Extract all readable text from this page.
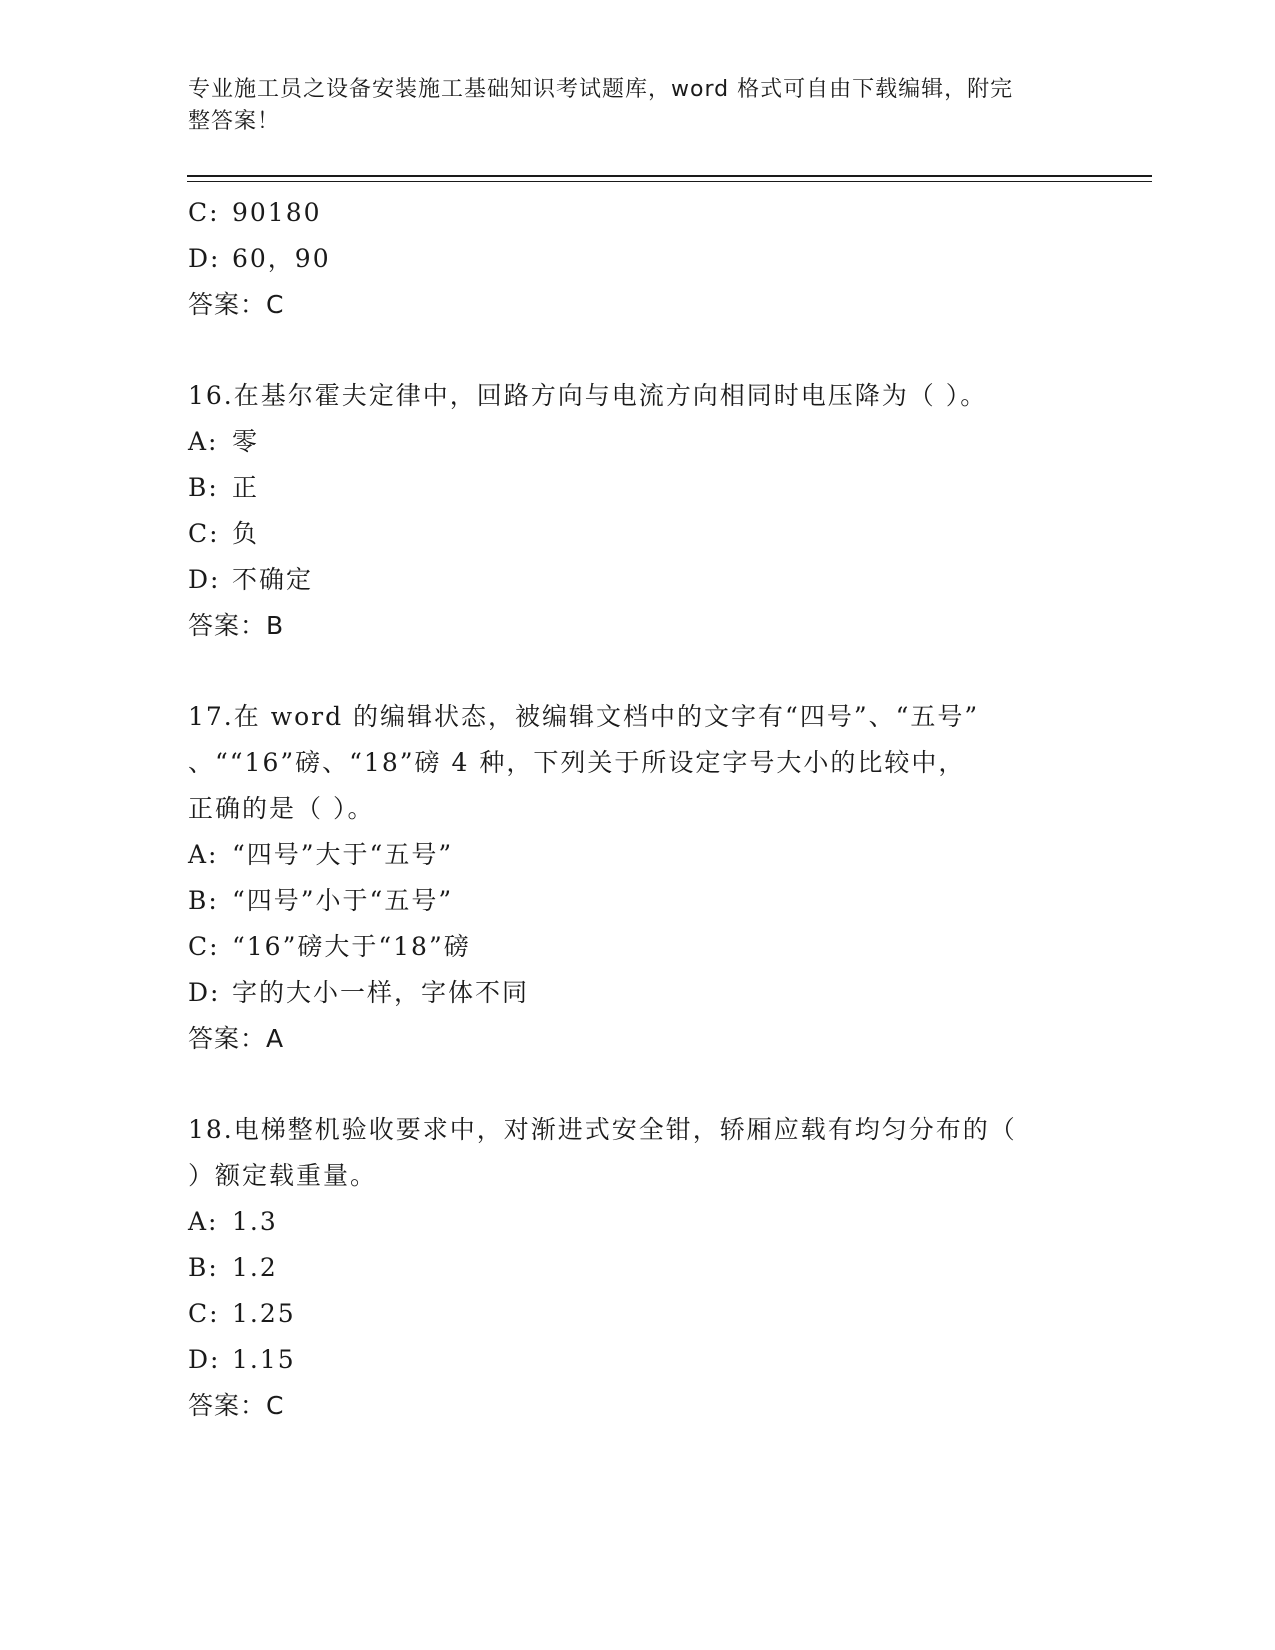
专业施工员之设备安装施工基础知识考试题库，word 格式可自由下载编辑，附完
整答案！
C: 90180
D: 60，90
答案：C
16.在基尔霍夫定律中，回路方向与电流方向相同时电压降为（ ）。
A: 零
B: 正
C: 负
D: 不确定
答案：B
17.在 word 的编辑状态，被编辑文档中的文字有“四号”、“五号”
、““16”磅、“18”磅 4 种，下列关于所设定字号大小的比较中，
正确的是（ ）。
A: “四号”大于“五号”
B: “四号”小于“五号”
C: “16”磅大于“18”磅
D: 字的大小一样，字体不同
答案：A
18.电梯整机验收要求中，对渐进式安全钳，轿厢应载有均匀分布的（
）额定载重量。
A: 1.3
B: 1.2
C: 1.25
D: 1.15
答案：C
